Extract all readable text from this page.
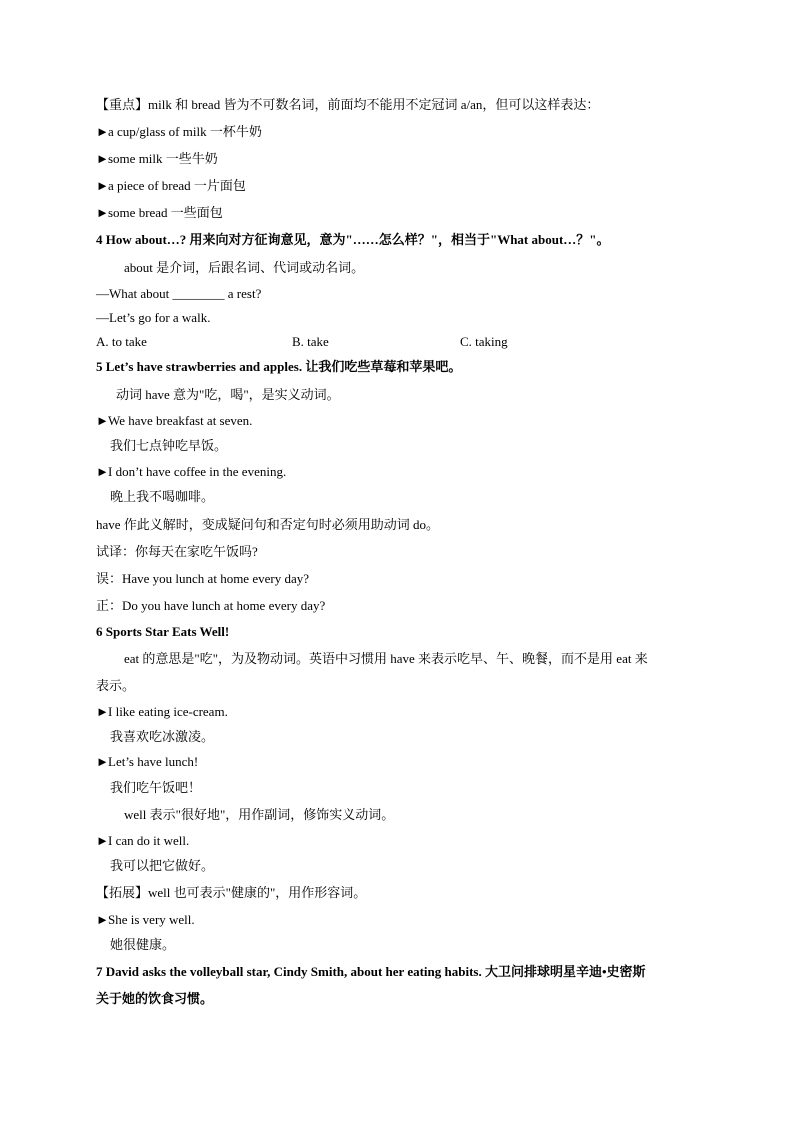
【重点】milk 和 bread 皆为不可数名词，前面均不能用不定冠词 a/an，但可以这样表达：
►a cup/glass of milk 一杯牛奶
►some milk 一些牛奶
►a piece of bread 一片面包
►some bread 一些面包
4 How about…? 用来向对方征询意见，意为"……怎么样？"，相当于"What about…？"。
about 是介词，后跟名词、代词或动名词。
—What about ________ a rest?
—Let’s go for a walk.
A. to take	B. take	C. taking
5 Let’s have strawberries and apples. 让我们吃些草莓和苹果吧。
动词 have 意为"吃，喝"，是实义动词。
►We have breakfast at seven.
我们七点钟吃早饭。
►I don’t have coffee in the evening.
晚上我不喝咖啡。
have 作此义解时，变成疑问句和否定句时必须用助动词 do。
试译：你每天在家吃午饭吗?
误：Have you lunch at home every day?
正：Do you have lunch at home every day?
6 Sports Star Eats Well!
eat 的意思是"吃"，为及物动词。英语中习惯用 have 来表示吃早、午、晚餐，而不是用 eat 来
表示。
►I like eating ice-cream.
我喜欢吃冰激凌。
►Let’s have lunch!
我们吃午饭吧！
well 表示"很好地"，用作副词，修饰实义动词。
►I can do it well.
我可以把它做好。
【拓展】well 也可表示"健康的"，用作形容词。
►She is very well.
她很健康。
7 David asks the volleyball star, Cindy Smith, about her eating habits. 大卫问排球明星辛迪•史密斯
关于她的饮食习惯。
